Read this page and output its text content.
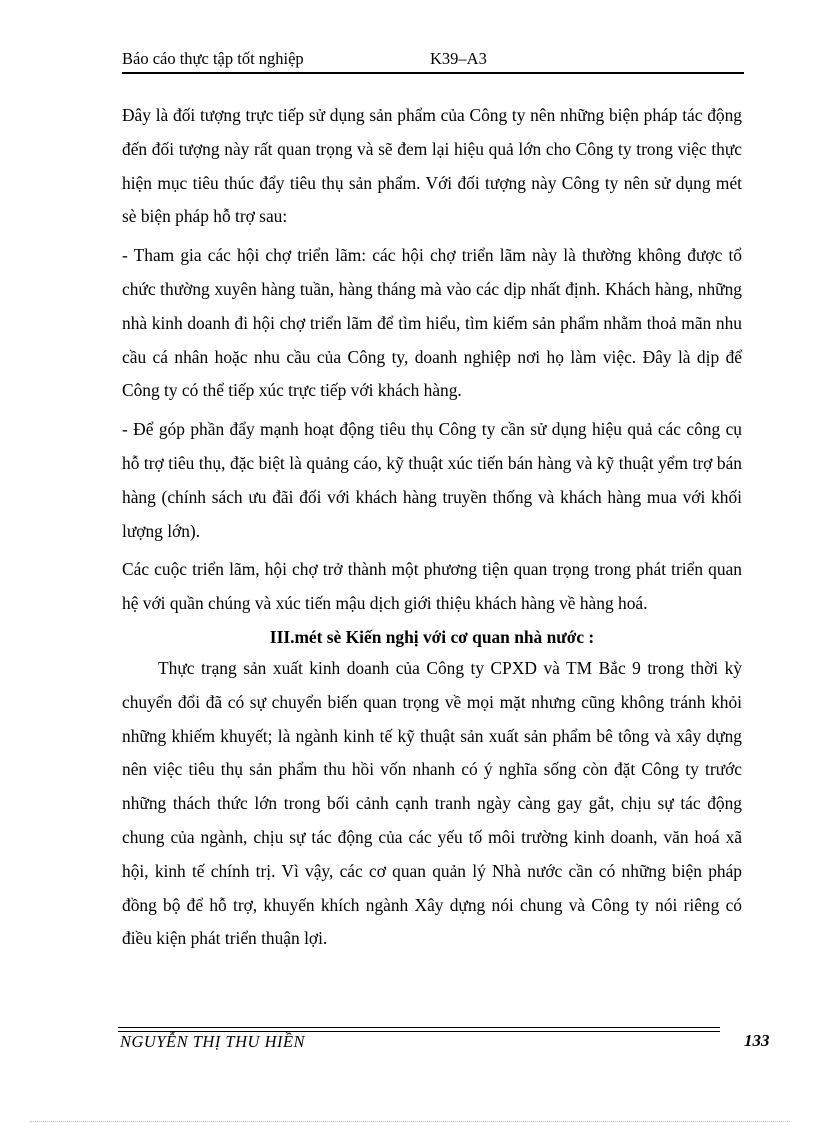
Báo cáo thực tập tốt nghiệp	K39–A3

Đây là đối tượng trực tiếp sử dụng sản phẩm của Công ty nên những biện pháp tác động đến đối tượng này rất quan trọng và sẽ đem lại hiệu quả lớn cho Công ty trong việc thực hiện mục tiêu thúc đẩy tiêu thụ sản phẩm. Với đối tượng này Công ty nên sử dụng mét sè biện pháp hỗ trợ sau:

- Tham gia các hội chợ triển lãm: các hội chợ triển lãm này là thường không được tổ chức thường xuyên hàng tuần, hàng tháng mà vào các dịp nhất định. Khách hàng, những nhà kinh doanh đi hội chợ triển lãm để tìm hiểu, tìm kiếm sản phẩm nhằm thoả mãn nhu cầu cá nhân hoặc nhu cầu của Công ty, doanh nghiệp nơi họ làm việc. Đây là dịp để Công ty có thể tiếp xúc trực tiếp với khách hàng.

- Để góp phần đẩy mạnh hoạt động tiêu thụ Công ty cần sử dụng hiệu quả các công cụ hỗ trợ tiêu thụ, đặc biệt là quảng cáo, kỹ thuật xúc tiến bán hàng và kỹ thuật yểm trợ bán hàng (chính sách ưu đãi đối với khách hàng truyền thống và khách hàng mua với khối lượng lớn).

Các cuộc triển lãm, hội chợ trở thành một phương tiện quan trọng trong phát triển quan hệ với quần chúng và xúc tiến mậu dịch giới thiệu khách hàng về hàng hoá.

III.mét sè Kiến nghị với cơ quan nhà nước :

Thực trạng sản xuất kinh doanh của Công ty CPXD và TM Bắc 9 trong thời kỳ chuyển đổi đã có sự chuyển biến quan trọng về mọi mặt nhưng cũng không tránh khỏi những khiếm khuyết; là ngành kinh tế kỹ thuật sản xuất sản phẩm bê tông và xây dựng nên việc tiêu thụ sản phẩm thu hồi vốn nhanh có ý nghĩa sống còn đặt Công ty trước những thách thức lớn trong bối cảnh cạnh tranh ngày càng gay gắt, chịu sự tác động chung của ngành, chịu sự tác động của các yếu tố môi trường kinh doanh, văn hoá xã hội, kinh tế chính trị. Vì vậy, các cơ quan quản lý Nhà nước cần có những biện pháp đồng bộ để hỗ trợ, khuyến khích ngành Xây dựng nói chung và Công ty nói riêng có điều kiện phát triển thuận lợi.

NGUYỄN THỊ THU HIỀN	133
